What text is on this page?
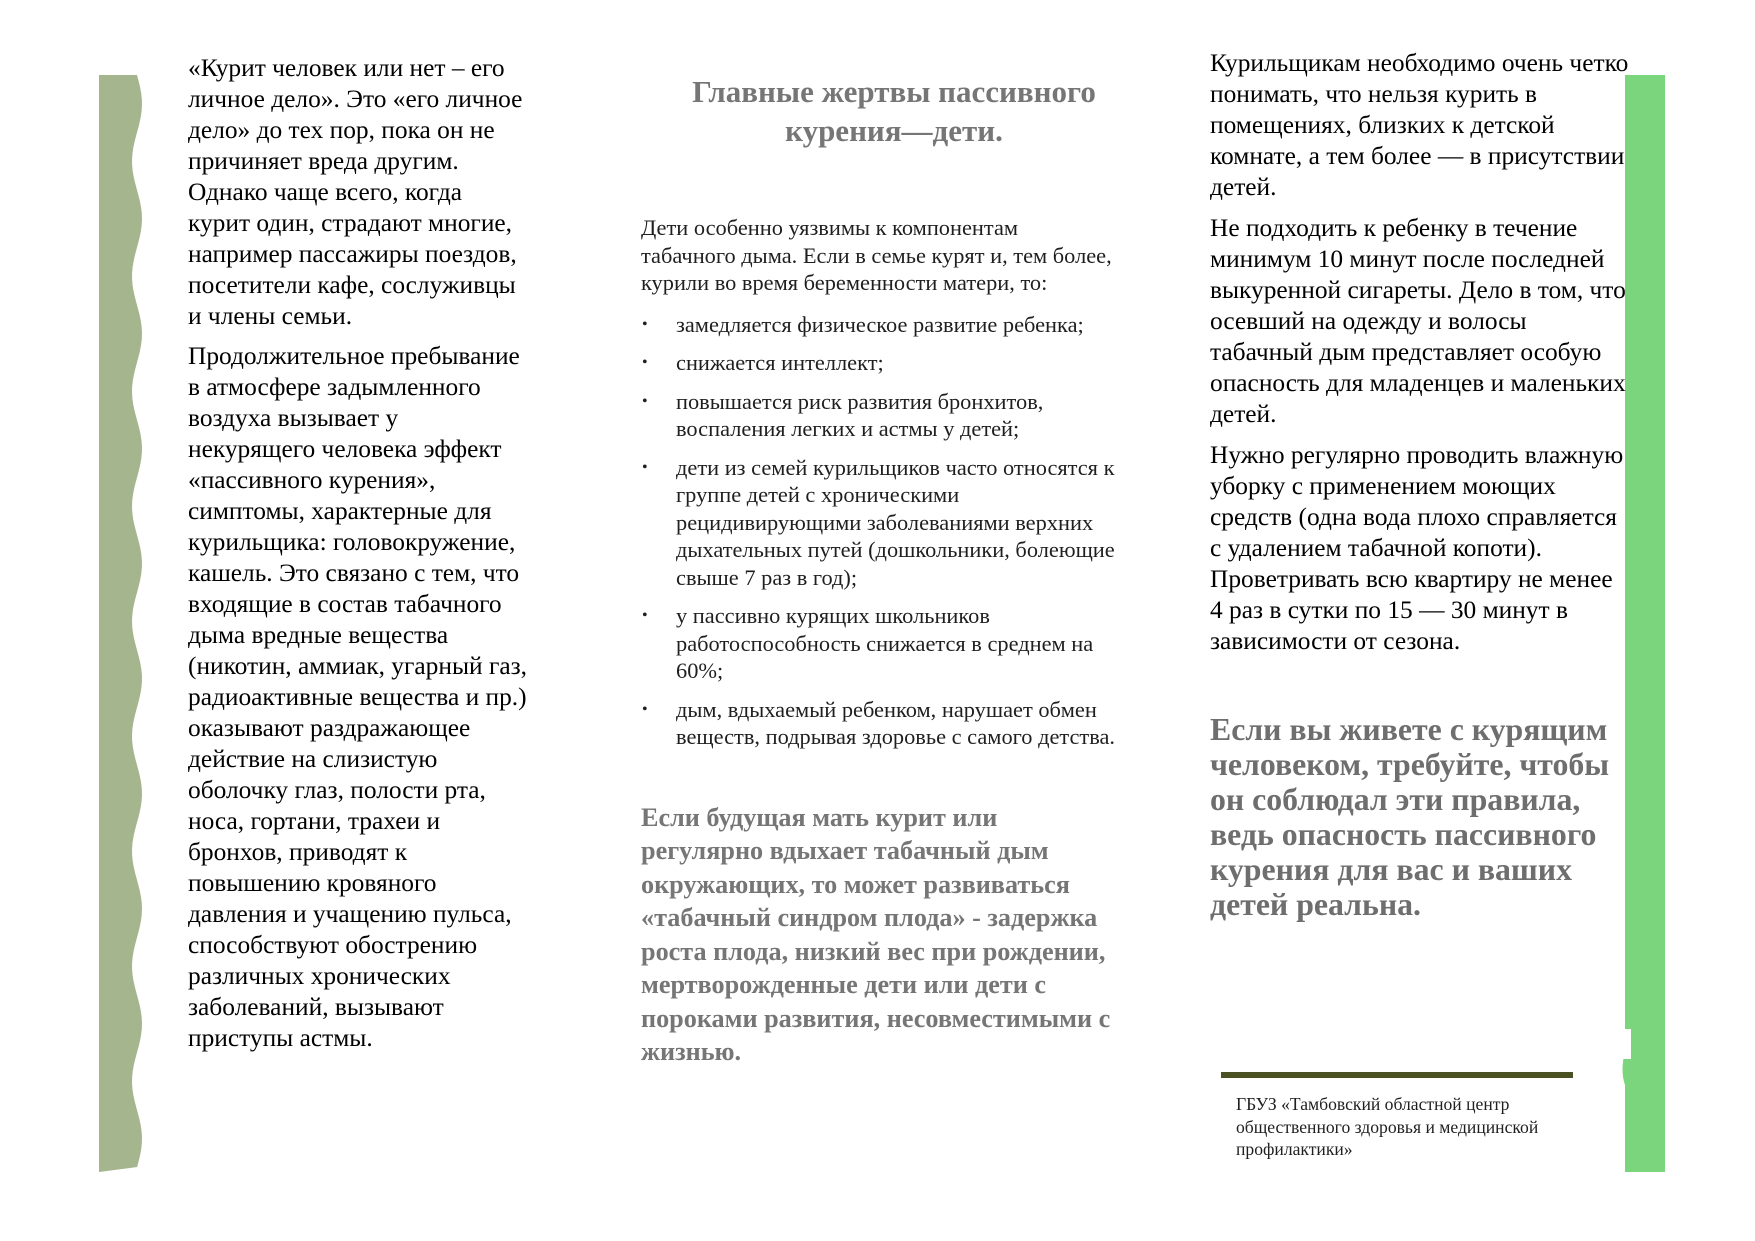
«Курит человек или нет – его личное дело». Это «его личное дело» до тех пор, пока он не причиняет вреда другим. Однако чаще всего, когда курит один, страдают многие, например пассажиры поездов, посетители кафе, сослуживцы и члены семьи.

Продолжительное пребывание в атмосфере задымленного воздуха вызывает у некурящего человека эффект «пассивного курения», симптомы, характерные для курильщика: головокружение, кашель. Это связано с тем, что входящие в состав табачного дыма вредные вещества (никотин, аммиак, угарный газ, радиоактивные вещества и пр.) оказывают раздражающее действие на слизистую оболочку глаз, полости рта, носа, гортани, трахеи и бронхов, приводят к повышению кровяного давления и учащению пульса, способствуют обострению различных хронических заболеваний, вызывают приступы астмы.

Главные жертвы пассивного курения—дети.

Дети особенно уязвимы к компонентам табачного дыма. Если в семье курят и, тем более, курили во время беременности матери, то:

• замедляется физическое развитие ребенка;
• снижается интеллект;
• повышается риск развития бронхитов, воспаления легких и астмы у детей;
• дети из семей курильщиков часто относятся к группе детей с хроническими рецидивирующими заболеваниями верхних дыхательных путей (дошкольники, болеющие свыше 7 раз в год);
• у пассивно курящих школьников работоспособность снижается в среднем на 60%;
• дым, вдыхаемый ребенком, нарушает обмен веществ, подрывая здоровье с самого детства.

Если будущая мать курит или регулярно вдыхает табачный дым окружающих, то может развиваться «табачный синдром плода» - задержка роста плода, низкий вес при рождении, мертворожденные дети или дети с пороками развития, несовместимыми с жизнью.

Курильщикам необходимо очень четко понимать, что нельзя курить в помещениях, близких к детской комнате, а тем более — в присутствии детей.

Не подходить к ребенку в течение минимум 10 минут после последней выкуренной сигареты. Дело в том, что осевший на одежду и волосы табачный дым представляет особую опасность для младенцев и маленьких детей.

Нужно регулярно проводить влажную уборку с применением моющих средств (одна вода плохо справляется с удалением табачной копоти). Проветривать всю квартиру не менее 4 раз в сутки по 15 — 30 минут в зависимости от сезона.

Если вы живете с курящим человеком, требуйте, чтобы он соблюдал эти правила, ведь опасность пассивного курения для вас и ваших детей реальна.

ГБУЗ «Тамбовский областной центр общественного здоровья и медицинской профилактики»
